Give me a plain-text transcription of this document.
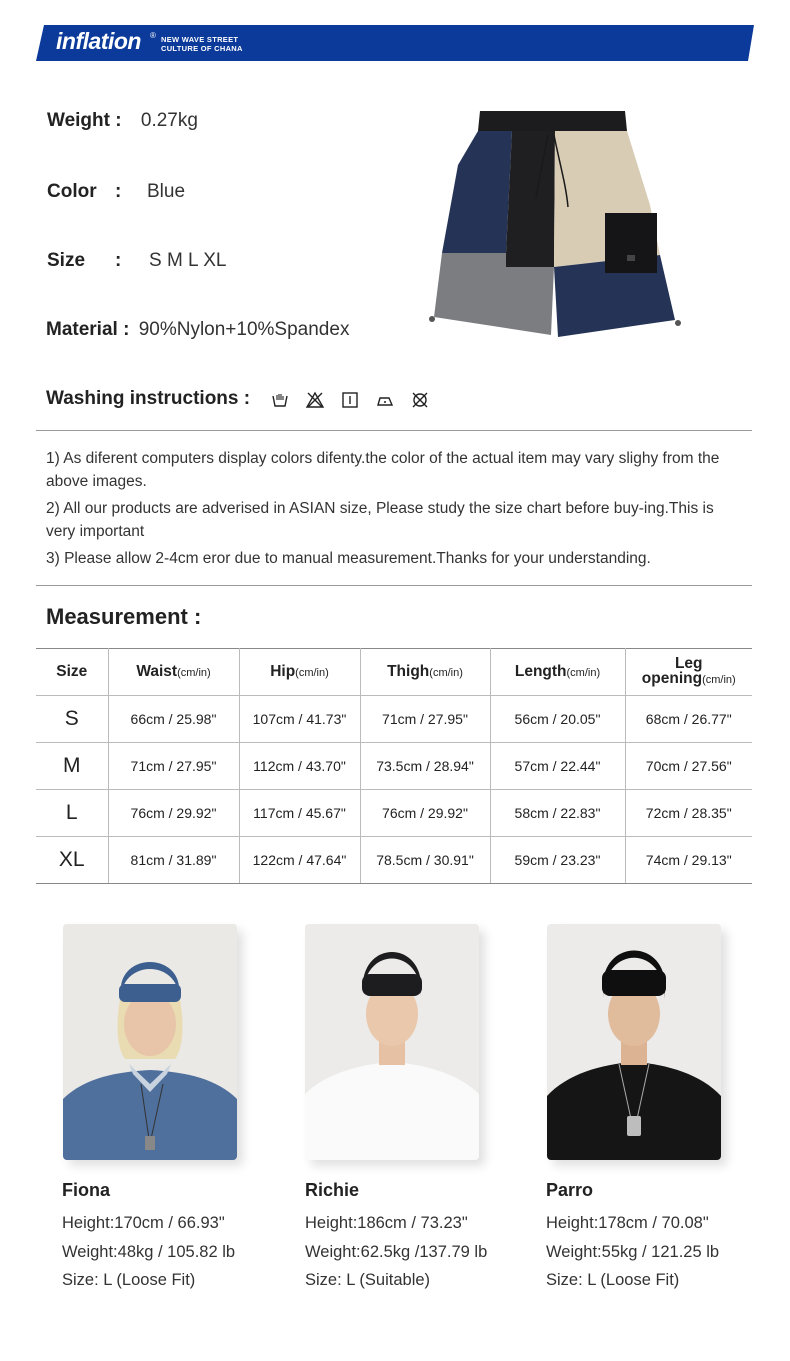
inflation ® NEW WAVE STREET
CULTURE OF CHANA
Weight : 0.27kg
Color : Blue
Size : S M L XL
Material : 90%Nylon+10%Spandex
Washing instructions :

1) As diferent computers display colors difenty.the color of the actual item may vary slighy from the above images.

2) All our products are adverised in ASIAN size, Please study the size chart before buy-ing.This is very important

3) Please allow 2-4cm eror due to manual measurement.Thanks for your understanding.

Measurement :
Size	Waist(cm/in)	Hip(cm/in)	Thigh(cm/in)	Length(cm/in)	Leg
opening(cm/in)
S	66cm / 25.98"	107cm / 41.73"	71cm / 27.95"	56cm / 20.05"	68cm / 26.77"
M	71cm / 27.95"	112cm / 43.70"	73.5cm / 28.94"	57cm / 22.44"	70cm / 27.56"
L	76cm / 29.92"	117cm / 45.67"	76cm / 29.92"	58cm / 22.83"	72cm / 28.35"
XL	81cm / 31.89"	122cm / 47.64"	78.5cm / 30.91"	59cm / 23.23"	74cm / 29.13"
Fiona
Height:170cm / 66.93"
Weight:48kg / 105.82 lb
Size: L (Loose Fit)
Richie
Height:186cm / 73.23"
Weight:62.5kg /137.79 lb
Size: L (Suitable)
Parro
Height:178cm / 70.08"
Weight:55kg / 121.25 lb
Size: L (Loose Fit)
